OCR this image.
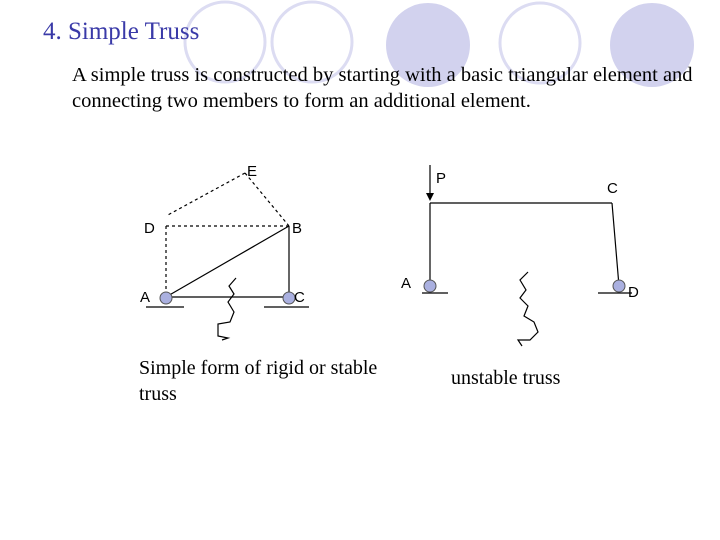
4. Simple Truss
A simple truss is constructed by starting with a basic triangular element and connecting two members to form an additional element.
E
D	B
A	C
P
C
A
D
Simple form of rigid or stable truss
unstable truss
